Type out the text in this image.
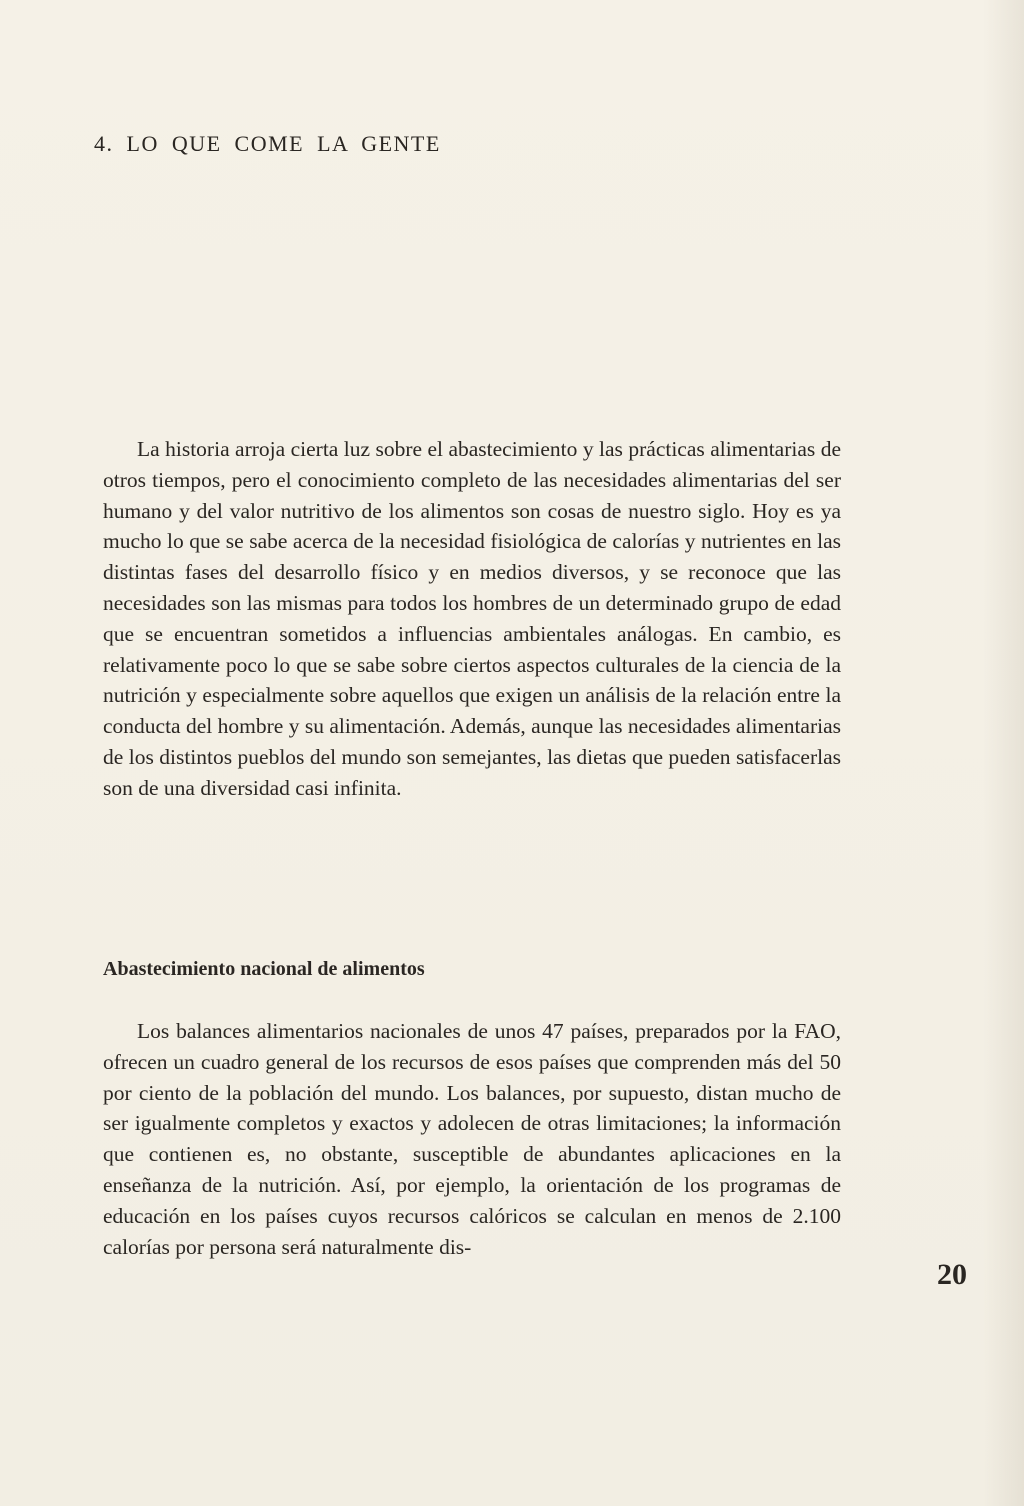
4. LO QUE COME LA GENTE

La historia arroja cierta luz sobre el abastecimiento y las prácticas alimentarias de otros tiempos, pero el conocimiento completo de las necesidades alimentarias del ser humano y del valor nutritivo de los alimentos son cosas de nuestro siglo. Hoy es ya mucho lo que se sabe acerca de la necesidad fisiológica de calorías y nutrientes en las distintas fases del desarrollo físico y en medios diversos, y se reconoce que las necesidades son las mismas para todos los hombres de un determinado grupo de edad que se encuentran sometidos a influencias ambientales análogas. En cambio, es relativamente poco lo que se sabe sobre ciertos aspectos culturales de la ciencia de la nutrición y especialmente sobre aquellos que exigen un análisis de la relación entre la conducta del hombre y su alimentación. Además, aunque las necesidades alimentarias de los distintos pueblos del mundo son semejantes, las dietas que pueden satisfacerlas son de una diversidad casi infinita.

Abastecimiento nacional de alimentos

Los balances alimentarios nacionales de unos 47 países, preparados por la FAO, ofrecen un cuadro general de los recursos de esos países que comprenden más del 50 por ciento de la población del mundo. Los balances, por supuesto, distan mucho de ser igualmente completos y exactos y adolecen de otras limitaciones; la información que contienen es, no obstante, susceptible de abundantes aplicaciones en la enseñanza de la nutrición. Así, por ejemplo, la orientación de los programas de educación en los países cuyos recursos calóricos se calculan en menos de 2.100 calorías por persona será naturalmente dis-

20
